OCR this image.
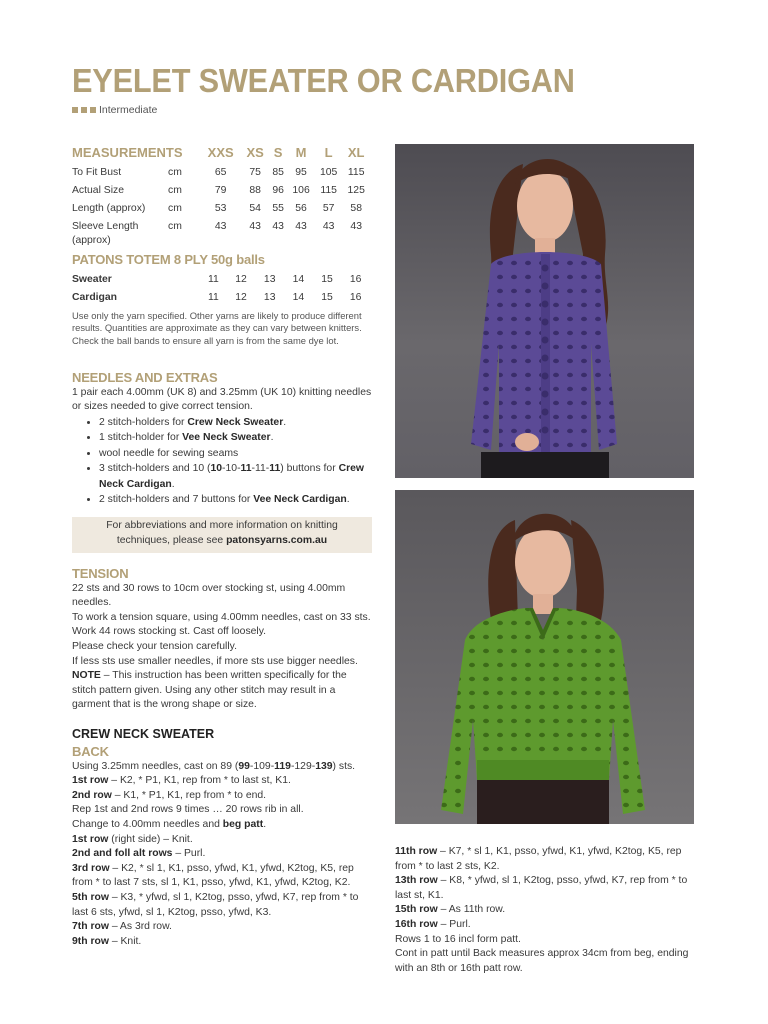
EYELET SWEATER OR CARDIGAN
Intermediate
MEASUREMENTS		XXS	XS	S	M	L	XL
To Fit Bust	cm	65	75	85	95	105	115
Actual Size	cm	79	88	96	106	115	125
Length (approx)	cm	53	54	55	56	57	58
Sleeve Length (approx)	cm	43	43	43	43	43	43
PATONS TOTEM 8 PLY 50g balls
Sweater	11	12	13	14	15	16
Cardigan	11	12	13	14	15	16
Use only the yarn specified. Other yarns are likely to produce different results. Quantities are approximate as they can vary between knitters. Check the ball bands to ensure all yarn is from the same dye lot.
NEEDLES AND EXTRAS
1 pair each 4.00mm (UK 8) and 3.25mm (UK 10) knitting needles or sizes needed to give correct tension.
• 2 stitch-holders for Crew Neck Sweater.
• 1 stitch-holder for Vee Neck Sweater.
• wool needle for sewing seams
• 3 stitch-holders and 10 (10-10-11-11-11) buttons for Crew Neck Cardigan.
• 2 stitch-holders and 7 buttons for Vee Neck Cardigan.
For abbreviations and more information on knitting
techniques, please see patonsyarns.com.au
TENSION
22 sts and 30 rows to 10cm over stocking st, using 4.00mm needles.
To work a tension square, using 4.00mm needles, cast on 33 sts. Work 44 rows stocking st. Cast off loosely.
Please check your tension carefully.
If less sts use smaller needles, if more sts use bigger needles.
NOTE – This instruction has been written specifically for the stitch pattern given. Using any other stitch may result in a garment that is the wrong shape or size.
CREW NECK SWEATER
BACK
Using 3.25mm needles, cast on 89 (99-109-119-129-139) sts.
1st row – K2, * P1, K1, rep from * to last st, K1.
2nd row – K1, * P1, K1, rep from * to end.
Rep 1st and 2nd rows 9 times … 20 rows rib in all.
Change to 4.00mm needles and beg patt.
1st row (right side) – Knit.
2nd and foll alt rows – Purl.
3rd row – K2, * sl 1, K1, psso, yfwd, K1, yfwd, K2tog, K5, rep from * to last 7 sts, sl 1, K1, psso, yfwd, K1, yfwd, K2tog, K2.
5th row – K3, * yfwd, sl 1, K2tog, psso, yfwd, K7, rep from * to last 6 sts, yfwd, sl 1, K2tog, psso, yfwd, K3.
7th row – As 3rd row.
9th row – Knit.
11th row – K7, * sl 1, K1, psso, yfwd, K1, yfwd, K2tog, K5, rep from * to last 2 sts, K2.
13th row – K8, * yfwd, sl 1, K2tog, psso, yfwd, K7, rep from * to last st, K1.
15th row – As 11th row.
16th row – Purl.
Rows 1 to 16 incl form patt.
Cont in patt until Back measures approx 34cm from beg, ending with an 8th or 16th patt row.
